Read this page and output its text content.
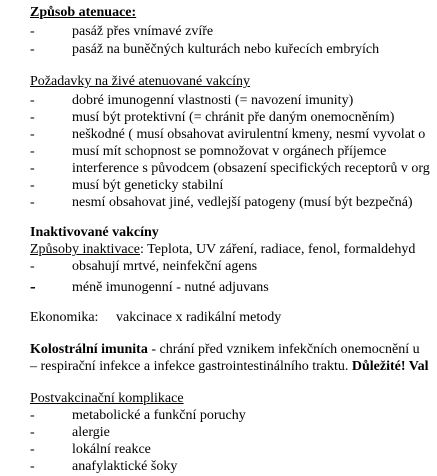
Způsob atenuace:
-	pasáž přes vnímavé zvíře
-	pasáž na buněčných kulturách nebo kuřecích embryích
Požadavky na živé atenuované vakcíny
-	dobré imunogenní vlastnosti (= navození imunity)
-	musí být protektivní (= chránit pře daným onemocněním)
-	neškodné ( musí obsahovat avirulentní kmeny, nesmí vyvolat o
-	musí mít schopnost se pomnožovat v orgánech příjemce
-	interference s původcem (obsazení specifických receptorů v org
-	musí být geneticky stabilní
-	nesmí obsahovat jiné, vedlejší patogeny (musí být bezpečná)
Inaktivované vakcíny
Způsoby inaktivace: Teplota, UV záření, radiace, fenol, formaldehyd
-	obsahují mrtvé, neinfekční agens
-	méně imunogenní - nutné adjuvans
Ekonomika: vakcinace x radikální metody
Kolostrální imunita - chrání před vznikem infekčních onemocnění u
– respirační infekce a infekce gastrointestinálního traktu. Důležité! Val
Postvakcinační komplikace
-	metabolické a funkční poruchy
-	alergie
-	lokální reakce
-	anafylaktické šoky
